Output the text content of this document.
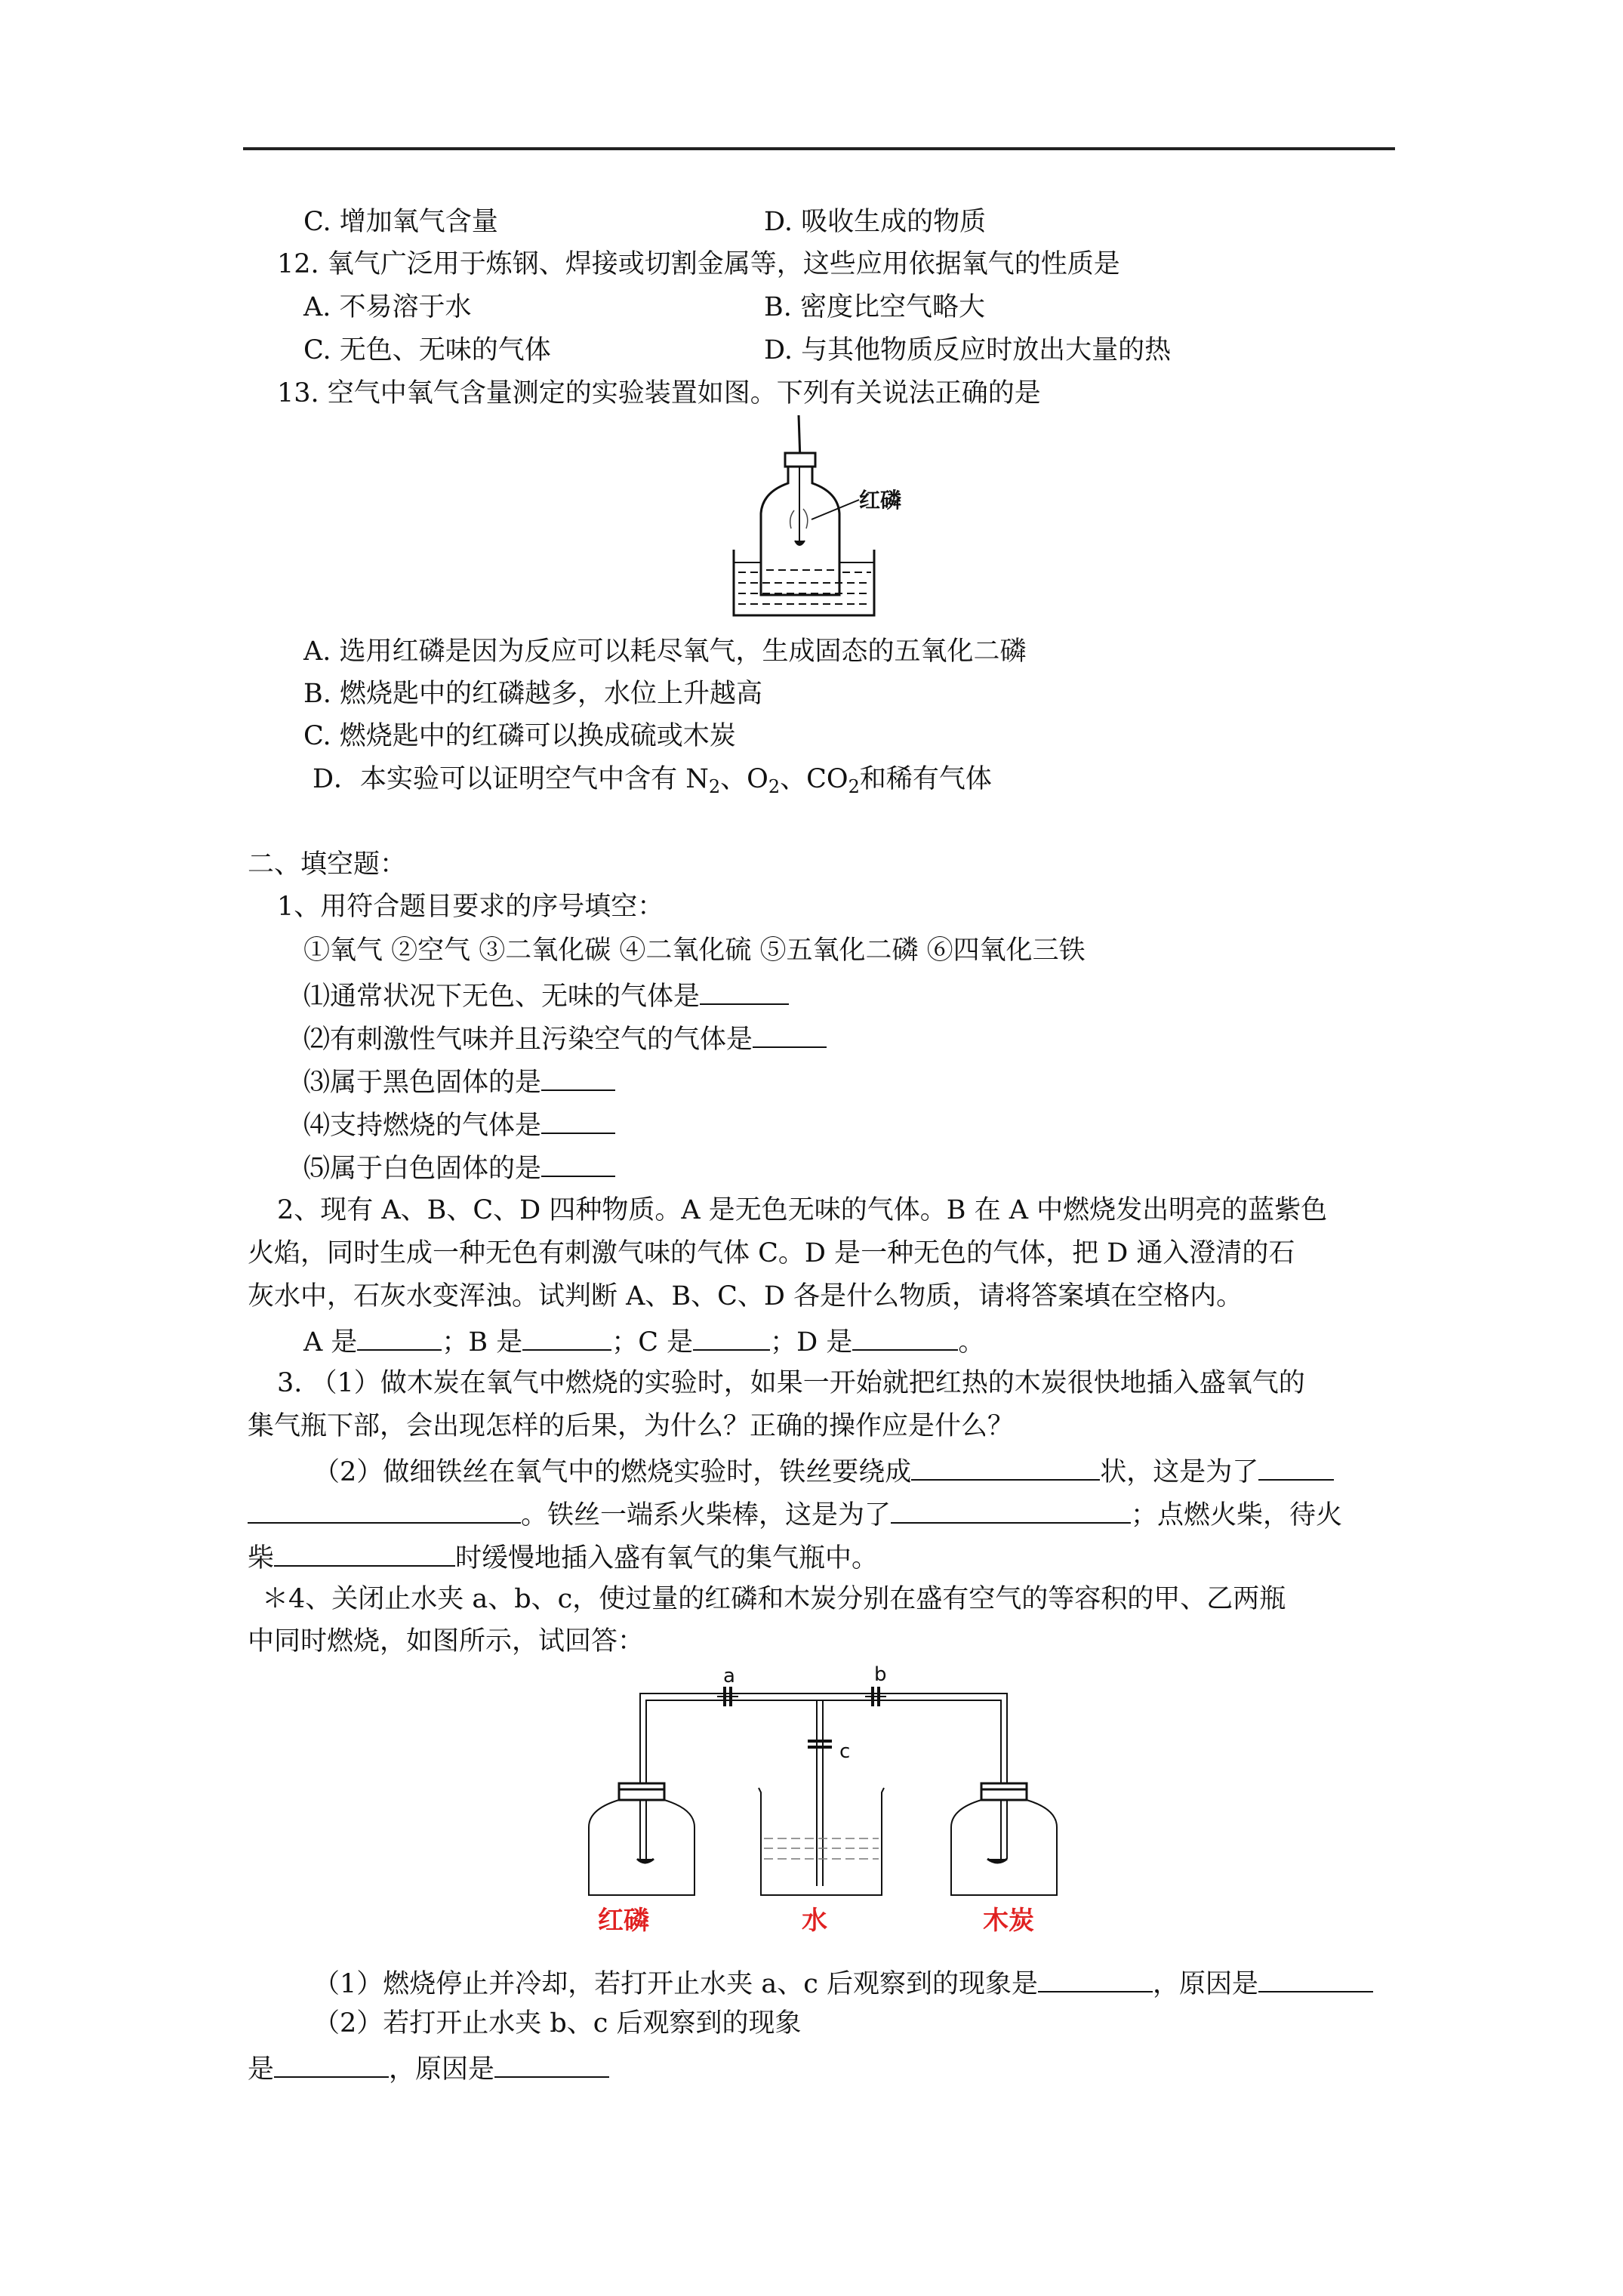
C. 增加氧气含量	D. 吸收生成的物质
12. 氧气广泛用于炼钢、焊接或切割金属等，这些应用依据氧气的性质是
A. 不易溶于水	B. 密度比空气略大
C. 无色、无味的气体	D. 与其他物质反应时放出大量的热
13. 空气中氧气含量测定的实验装置如图。下列有关说法正确的是
红磷
A. 选用红磷是因为反应可以耗尽氧气，生成固态的五氧化二磷
B. 燃烧匙中的红磷越多，水位上升越高
C. 燃烧匙中的红磷可以换成硫或木炭
D．本实验可以证明空气中含有 $N_2$、$O_2$、$CO_2$和稀有气体
二、填空题：
1、用符合题目要求的序号填空：
①氧气 ②空气 ③二氧化碳 ④二氧化硫 ⑤五氧化二磷 ⑥四氧化三铁
⑴通常状况下无色、无味的气体是
⑵有刺激性气味并且污染空气的气体是
⑶属于黑色固体的是
⑷支持燃烧的气体是
⑸属于白色固体的是
2、现有 A、B、C、D 四种物质。A 是无色无味的气体。B 在 A 中燃烧发出明亮的蓝紫色
火焰，同时生成一种无色有刺激气味的气体 C。D 是一种无色的气体，把 D 通入澄清的石
灰水中，石灰水变浑浊。试判断 A、B、C、D 各是什么物质，请将答案填在空格内。
A 是	；B 是	；C 是	；D 是	。
3. （1）做木炭在氧气中燃烧的实验时，如果一开始就把红热的木炭很快地插入盛氧气的
集气瓶下部，会出现怎样的后果，为什么？正确的操作应是什么？
（2）做细铁丝在氧气中的燃烧实验时，铁丝要绕成	状，这是为了
。铁丝一端系火柴棒，这是为了	；点燃火柴，待火
柴	时缓慢地插入盛有氧气的集气瓶中。
＊4、关闭止水夹 a、b、c，使过量的红磷和木炭分别在盛有空气的等容积的甲、乙两瓶
中同时燃烧，如图所示，试回答：
a	b
c
红磷	水	木炭
（1）燃烧停止并冷却，若打开止水夹 a、c 后观察到的现象是	，原因是
（2）若打开止水夹 b、c 后观察到的现象
是	，原因是
